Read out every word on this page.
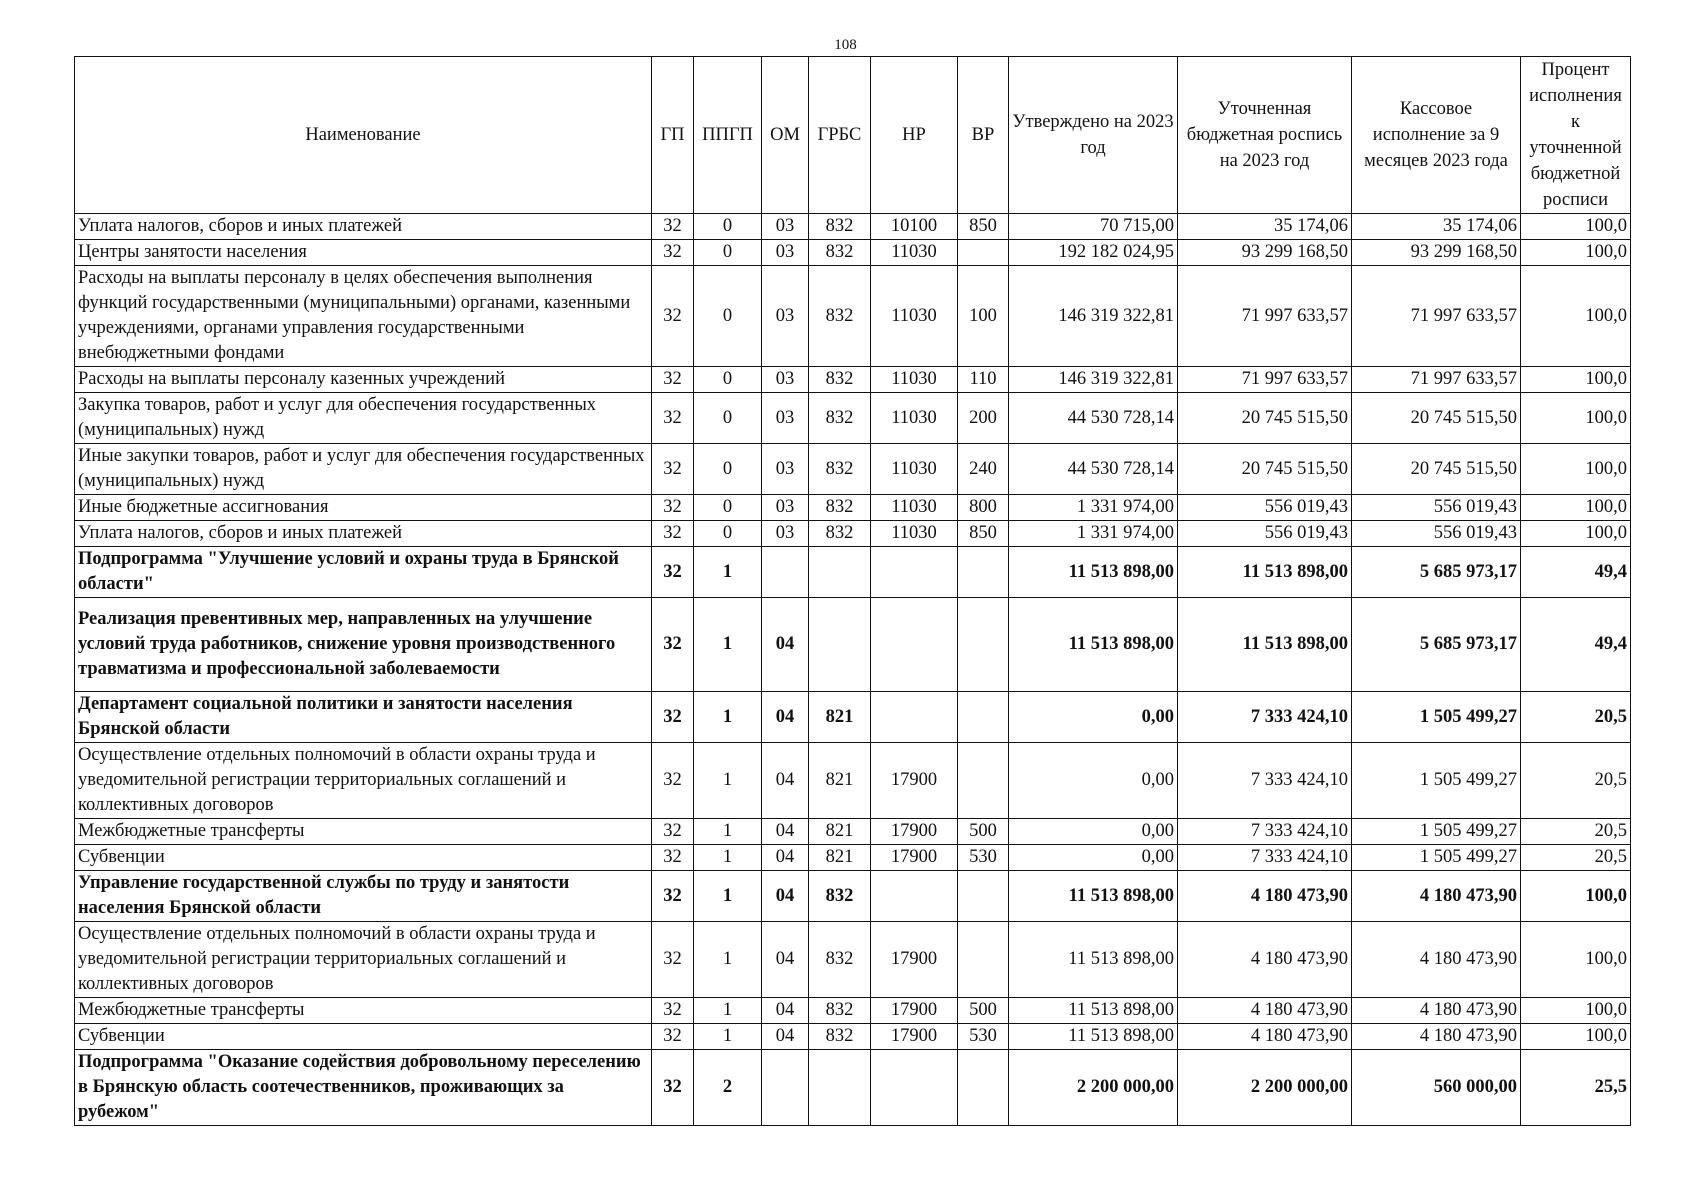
108
Наименование	ГП	ППГП	ОМ	ГРБС	НР	ВР	Утверждено на 2023 год	Уточненная бюджетная роспись на 2023 год	Кассовое исполнение за 9 месяцев 2023 года	Процент исполнения к уточненной бюджетной росписи
Уплата налогов, сборов и иных платежей	32	0	03	832	10100	850	70 715,00	35 174,06	35 174,06	100,0
Центры занятости населения	32	0	03	832	11030		192 182 024,95	93 299 168,50	93 299 168,50	100,0
Расходы на выплаты персоналу в целях обеспечения выполнения функций государственными (муниципальными) органами, казенными учреждениями, органами управления государственными внебюджетными фондами	32	0	03	832	11030	100	146 319 322,81	71 997 633,57	71 997 633,57	100,0
Расходы на выплаты персоналу казенных учреждений	32	0	03	832	11030	110	146 319 322,81	71 997 633,57	71 997 633,57	100,0
Закупка товаров, работ и услуг для обеспечения государственных (муниципальных) нужд	32	0	03	832	11030	200	44 530 728,14	20 745 515,50	20 745 515,50	100,0
Иные закупки товаров, работ и услуг для обеспечения государственных (муниципальных) нужд	32	0	03	832	11030	240	44 530 728,14	20 745 515,50	20 745 515,50	100,0
Иные бюджетные ассигнования	32	0	03	832	11030	800	1 331 974,00	556 019,43	556 019,43	100,0
Уплата налогов, сборов и иных платежей	32	0	03	832	11030	850	1 331 974,00	556 019,43	556 019,43	100,0
Подпрограмма "Улучшение условий и охраны труда в Брянской области"	32	1					11 513 898,00	11 513 898,00	5 685 973,17	49,4
Реализация превентивных мер, направленных на улучшение условий труда работников, снижение уровня производственного травматизма и профессиональной заболеваемости	32	1	04				11 513 898,00	11 513 898,00	5 685 973,17	49,4
Департамент социальной политики и занятости населения Брянской области	32	1	04	821			0,00	7 333 424,10	1 505 499,27	20,5
Осуществление отдельных полномочий в области охраны труда и уведомительной регистрации территориальных соглашений и коллективных договоров	32	1	04	821	17900		0,00	7 333 424,10	1 505 499,27	20,5
Межбюджетные трансферты	32	1	04	821	17900	500	0,00	7 333 424,10	1 505 499,27	20,5
Субвенции	32	1	04	821	17900	530	0,00	7 333 424,10	1 505 499,27	20,5
Управление государственной службы по труду и занятости населения Брянской области	32	1	04	832			11 513 898,00	4 180 473,90	4 180 473,90	100,0
Осуществление отдельных полномочий в области охраны труда и уведомительной регистрации территориальных соглашений и коллективных договоров	32	1	04	832	17900		11 513 898,00	4 180 473,90	4 180 473,90	100,0
Межбюджетные трансферты	32	1	04	832	17900	500	11 513 898,00	4 180 473,90	4 180 473,90	100,0
Субвенции	32	1	04	832	17900	530	11 513 898,00	4 180 473,90	4 180 473,90	100,0
Подпрограмма "Оказание содействия добровольному переселению в Брянскую область соотечественников, проживающих за рубежом"	32	2					2 200 000,00	2 200 000,00	560 000,00	25,5
